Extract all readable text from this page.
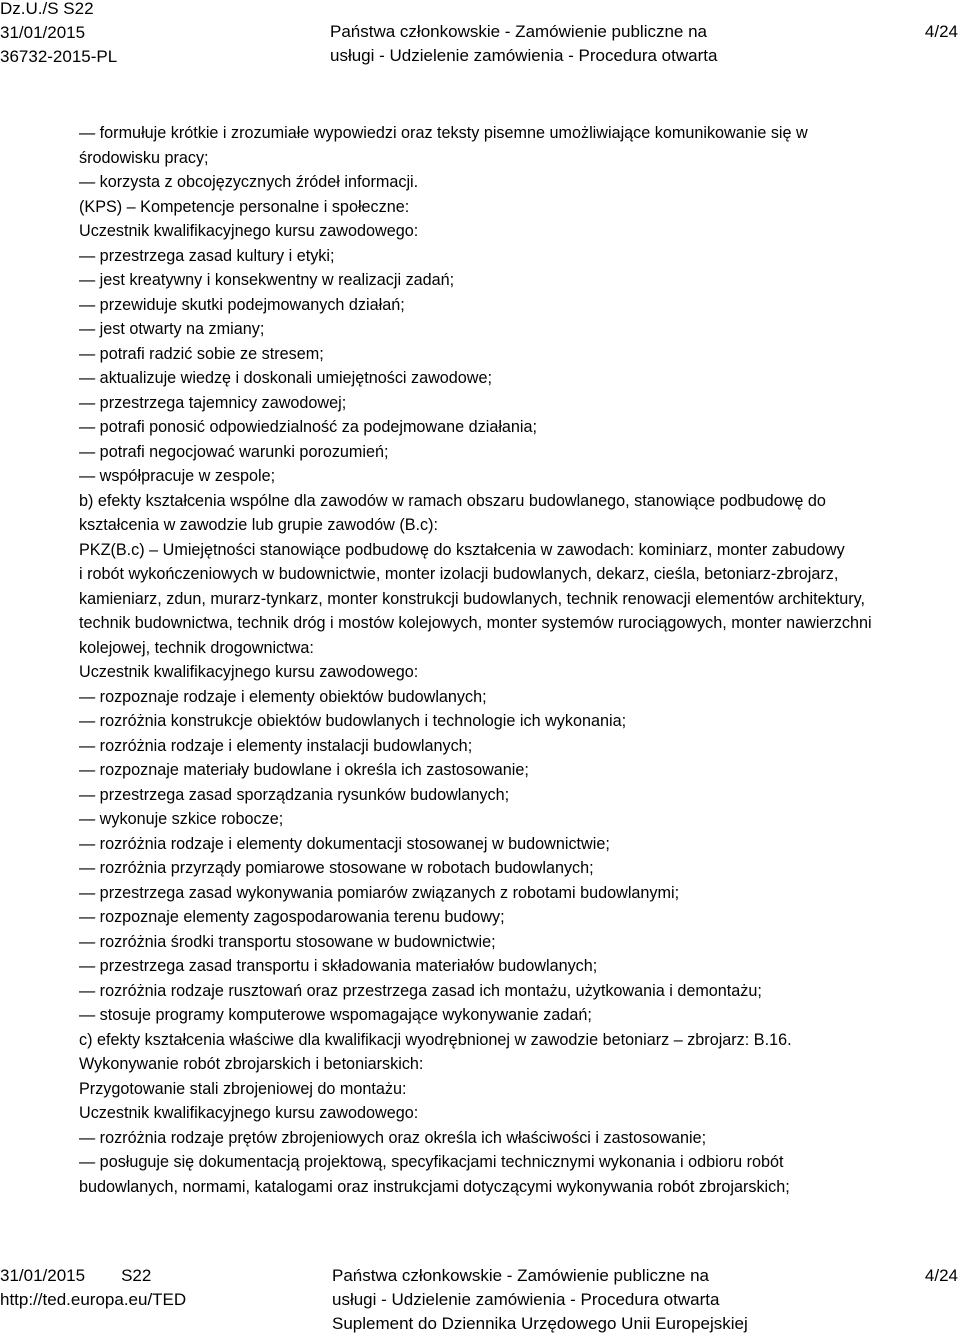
Dz.U./S S22
31/01/2015
36732-2015-PL
Państwa członkowskie - Zamówienie publiczne na
usługi - Udzielenie zamówienia - Procedura otwarta
4/24

— formułuje krótkie i zrozumiałe wypowiedzi oraz teksty pisemne umożliwiające komunikowanie się w

środowisku pracy;

— korzysta z obcojęzycznych źródeł informacji.

(KPS) – Kompetencje personalne i społeczne:

Uczestnik kwalifikacyjnego kursu zawodowego:

— przestrzega zasad kultury i etyki;

— jest kreatywny i konsekwentny w realizacji zadań;

— przewiduje skutki podejmowanych działań;

— jest otwarty na zmiany;

— potrafi radzić sobie ze stresem;

— aktualizuje wiedzę i doskonali umiejętności zawodowe;

— przestrzega tajemnicy zawodowej;

— potrafi ponosić odpowiedzialność za podejmowane działania;

— potrafi negocjować warunki porozumień;

— współpracuje w zespole;

b) efekty kształcenia wspólne dla zawodów w ramach obszaru budowlanego, stanowiące podbudowę do

kształcenia w zawodzie lub grupie zawodów (B.c):

PKZ(B.c) – Umiejętności stanowiące podbudowę do kształcenia w zawodach: kominiarz, monter zabudowy

i robót wykończeniowych w budownictwie, monter izolacji budowlanych, dekarz, cieśla, betoniarz-zbrojarz,

kamieniarz, zdun, murarz-tynkarz, monter konstrukcji budowlanych, technik renowacji elementów architektury,

technik budownictwa, technik dróg i mostów kolejowych, monter systemów rurociągowych, monter nawierzchni

kolejowej, technik drogownictwa:

Uczestnik kwalifikacyjnego kursu zawodowego:

— rozpoznaje rodzaje i elementy obiektów budowlanych;

— rozróżnia konstrukcje obiektów budowlanych i technologie ich wykonania;

— rozróżnia rodzaje i elementy instalacji budowlanych;

— rozpoznaje materiały budowlane i określa ich zastosowanie;

— przestrzega zasad sporządzania rysunków budowlanych;

— wykonuje szkice robocze;

— rozróżnia rodzaje i elementy dokumentacji stosowanej w budownictwie;

— rozróżnia przyrządy pomiarowe stosowane w robotach budowlanych;

— przestrzega zasad wykonywania pomiarów związanych z robotami budowlanymi;

— rozpoznaje elementy zagospodarowania terenu budowy;

— rozróżnia środki transportu stosowane w budownictwie;

— przestrzega zasad transportu i składowania materiałów budowlanych;

— rozróżnia rodzaje rusztowań oraz przestrzega zasad ich montażu, użytkowania i demontażu;

— stosuje programy komputerowe wspomagające wykonywanie zadań;

c) efekty kształcenia właściwe dla kwalifikacji wyodrębnionej w zawodzie betoniarz – zbrojarz: B.16.

Wykonywanie robót zbrojarskich i betoniarskich:

Przygotowanie stali zbrojeniowej do montażu:

Uczestnik kwalifikacyjnego kursu zawodowego:

— rozróżnia rodzaje prętów zbrojeniowych oraz określa ich właściwości i zastosowanie;

— posługuje się dokumentacją projektową, specyfikacjami technicznymi wykonania i odbioru robót

budowlanych, normami, katalogami oraz instrukcjami dotyczącymi wykonywania robót zbrojarskich;

31/01/2015 S22
http://ted.europa.eu/TED
Państwa członkowskie - Zamówienie publiczne na
usługi - Udzielenie zamówienia - Procedura otwarta
Suplement do Dziennika Urzędowego Unii Europejskiej
4/24
